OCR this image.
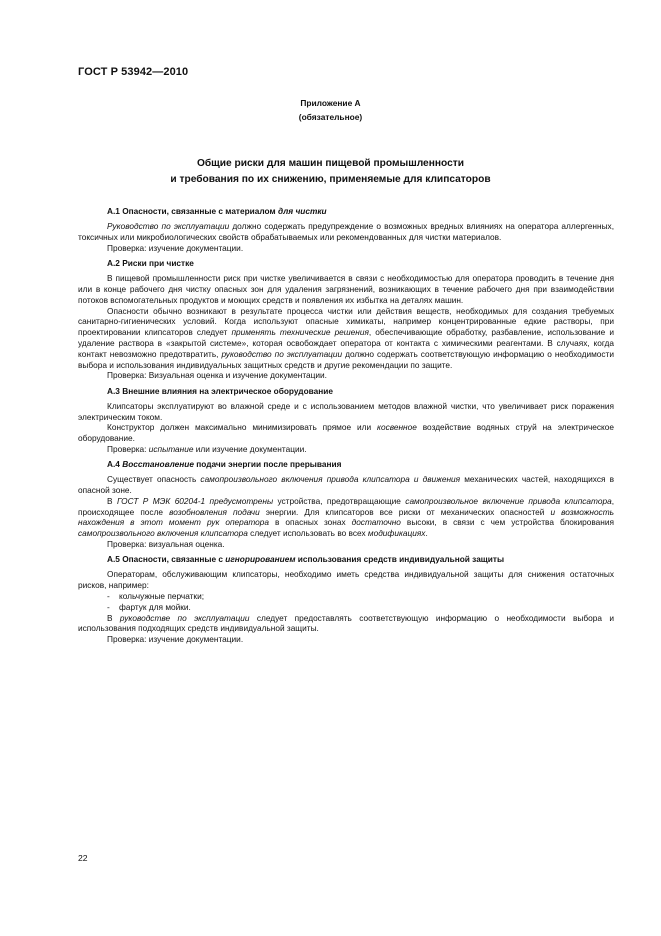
ГОСТ Р 53942—2010
Приложение А
(обязательное)
Общие риски для машин пищевой промышленности
и требования по их снижению, применяемые для клипсаторов
А.1 Опасности, связанные с материалом для чистки

Руководство по эксплуатации должно содержать предупреждение о возможных вредных влияниях на оператора аллергенных, токсичных или микробиологических свойств обрабатываемых или рекомендованных для чистки материалов.

Проверка: изучение документации.

А.2 Риски при чистке

В пищевой промышленности риск при чистке увеличивается в связи с необходимостью для оператора проводить в течение дня или в конце рабочего дня чистку опасных зон для удаления загрязнений, возникающих в течение рабочего дня при взаимодействии потоков вспомогательных продуктов и моющих средств и появления их избытка на деталях машин.

Опасности обычно возникают в результате процесса чистки или действия веществ, необходимых для создания требуемых санитарно-гигиенических условий. Когда используют опасные химикаты, например концентрированные едкие растворы, при проектировании клипсаторов следует применять технические решения, обеспечивающие обработку, разбавление, использование и удаление раствора в «закрытой системе», которая освобождает оператора от контакта с химическими реагентами. В случаях, когда контакт невозможно предотвратить, руководство по эксплуатации должно содержать соответствующую информацию о необходимости выбора и использования индивидуальных защитных средств и другие рекомендации по защите.

Проверка: Визуальная оценка и изучение документации.

А.3 Внешние влияния на электрическое оборудование

Клипсаторы эксплуатируют во влажной среде и с использованием методов влажной чистки, что увеличивает риск поражения электрическим током.

Конструктор должен максимально минимизировать прямое или косвенное воздействие водяных струй на электрическое оборудование.

Проверка: испытание или изучение документации.

А.4 Восстановление подачи энергии после прерывания

Существует опасность самопроизвольного включения привода клипсатора и движения механических частей, находящихся в опасной зоне.

В ГОСТ Р МЭК 60204-1 предусмотрены устройства, предотвращающие самопроизвольное включение привода клипсатора, происходящее после возобновления подачи энергии. Для клипсаторов все риски от механических опасностей и возможность нахождения в этот момент рук оператора в опасных зонах достаточно высоки, в связи с чем устройства блокирования самопроизвольного включения клипсатора следует использовать во всех модификациях.

Проверка: визуальная оценка.

А.5 Опасности, связанные с игнорированием использования средств индивидуальной защиты

Операторам, обслуживающим клипсаторы, необходимо иметь средства индивидуальной защиты для снижения остаточных рисков, например:

- кольчужные перчатки;
- фартук для мойки.

В руководстве по эксплуатации следует предоставлять соответствующую информацию о необходимости выбора и использования подходящих средств индивидуальной защиты.

Проверка: изучение документации.

22
